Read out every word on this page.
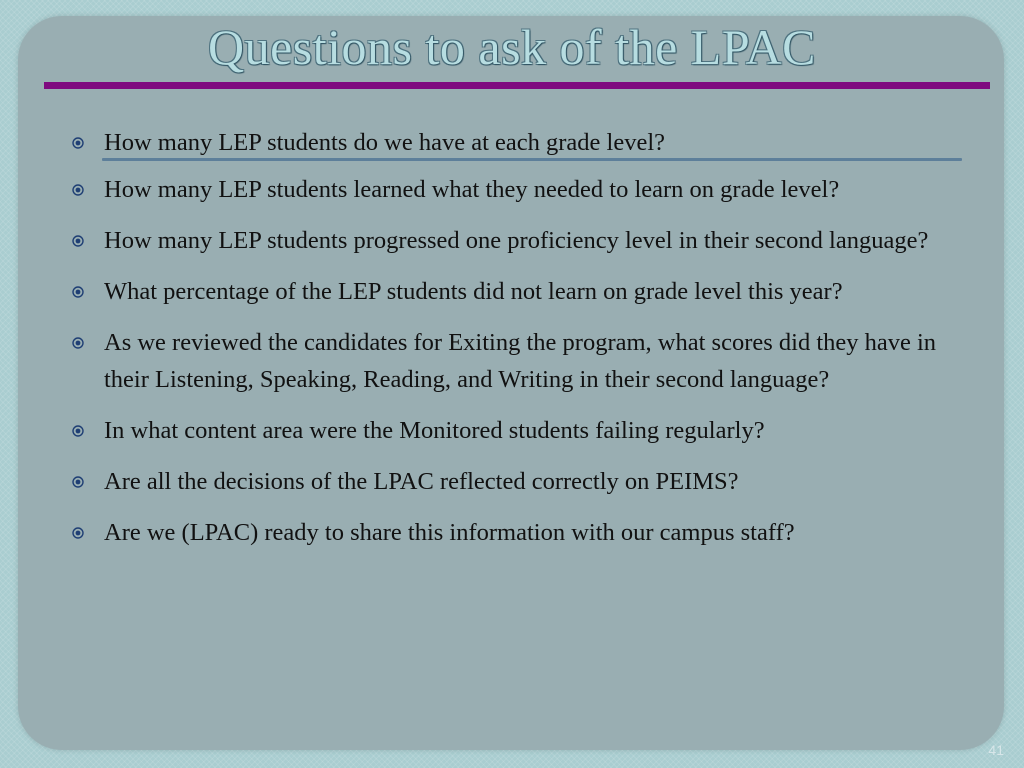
Questions to ask of the LPAC
How many LEP students do we have at each grade level?
How many LEP students learned what they needed to learn on grade level?
How many LEP students progressed one proficiency level in their second language?
What percentage of the LEP students did not learn on grade level this year?
As we reviewed the candidates for Exiting the program, what scores did they have in their Listening, Speaking, Reading, and Writing in their second language?
In what content area were the Monitored students failing regularly?
Are all the decisions of the LPAC reflected correctly on PEIMS?
Are we (LPAC) ready to share this information with our campus staff?
41
